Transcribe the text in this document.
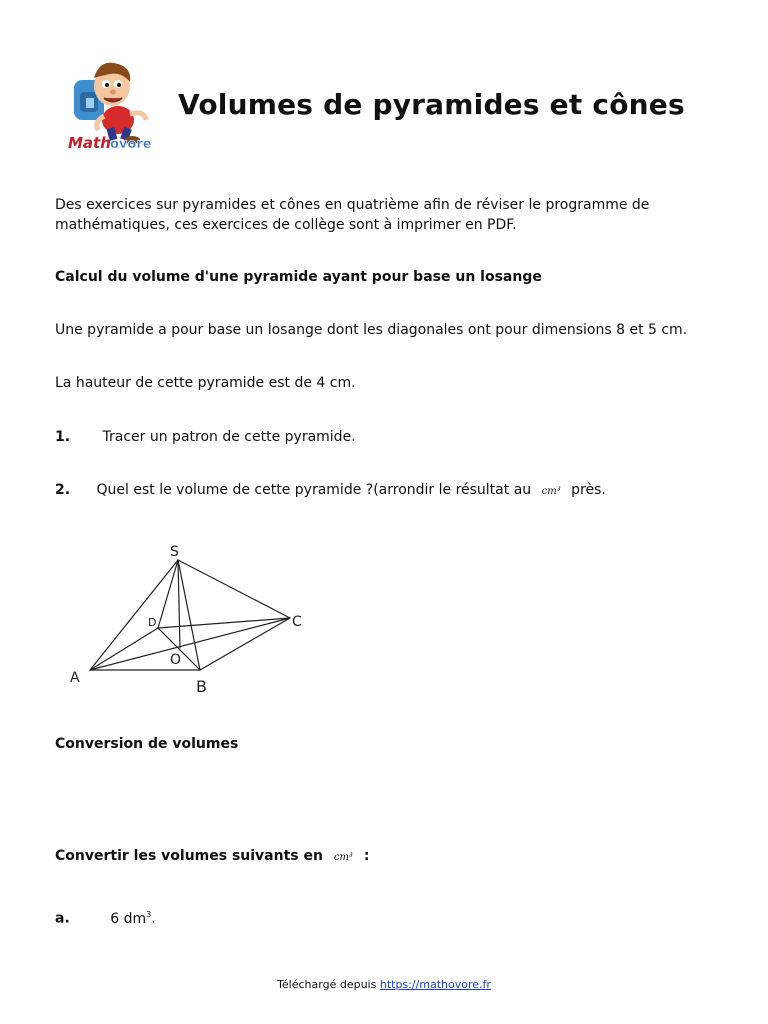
Math ovore
Volumes de pyramides et cônes
Des exercices sur pyramides et cônes en quatrième afin de réviser le programme de
mathématiques, ces exercices de collège sont à imprimer en PDF.
Calcul du volume d'une pyramide ayant pour base un losange
Une pyramide a pour base un losange dont les diagonales ont pour dimensions 8 et 5 cm.
La hauteur de cette pyramide est de 4 cm.
1. Tracer un patron de cette pyramide.
2. Quel est le volume de cette pyramide ?(arrondir le résultat au cm³ près.
S
D	C
O
A	B
Conversion de volumes
Convertir les volumes suivants en cm³ :
a.	6 $dm^3$.
Téléchargé depuis https://mathovore.fr
